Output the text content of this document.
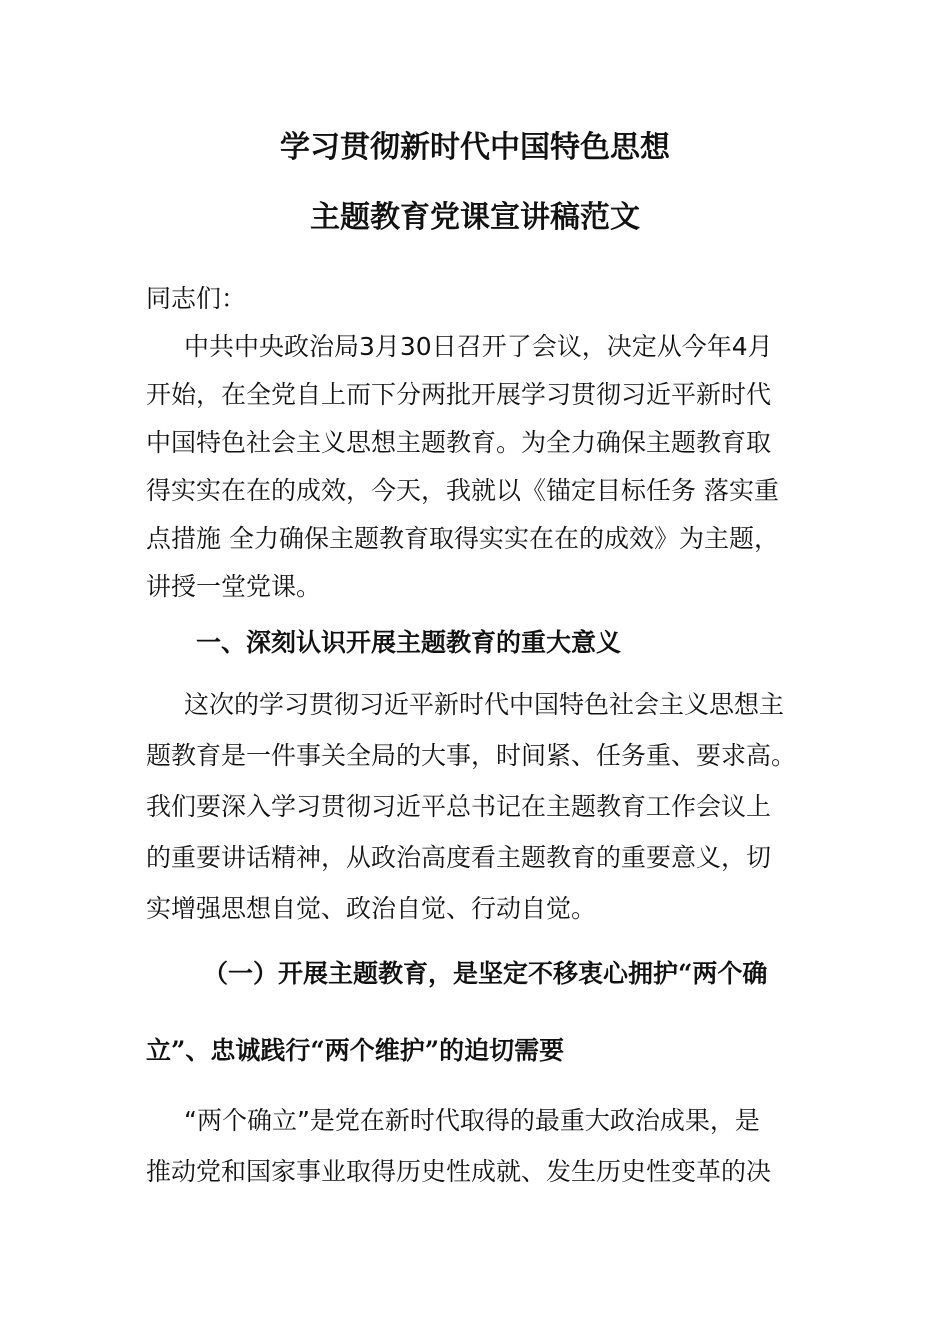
学习贯彻新时代中国特色思想
主题教育党课宣讲稿范文
同志们：
中共中央政治局3月30日召开了会议，决定从今年4月
开始，在全党自上而下分两批开展学习贯彻习近平新时代
中国特色社会主义思想主题教育。为全力确保主题教育取
得实实在在的成效，今天，我就以《锚定目标任务 落实重
点措施 全力确保主题教育取得实实在在的成效》为主题，
讲授一堂党课。
一、深刻认识开展主题教育的重大意义
这次的学习贯彻习近平新时代中国特色社会主义思想主
题教育是一件事关全局的大事，时间紧、任务重、要求高。
我们要深入学习贯彻习近平总书记在主题教育工作会议上
的重要讲话精神，从政治高度看主题教育的重要意义，切
实增强思想自觉、政治自觉、行动自觉。
（一）开展主题教育，是坚定不移衷心拥护“两个确
立”、忠诚践行“两个维护”的迫切需要
“两个确立”是党在新时代取得的最重大政治成果，是
推动党和国家事业取得历史性成就、发生历史性变革的决
